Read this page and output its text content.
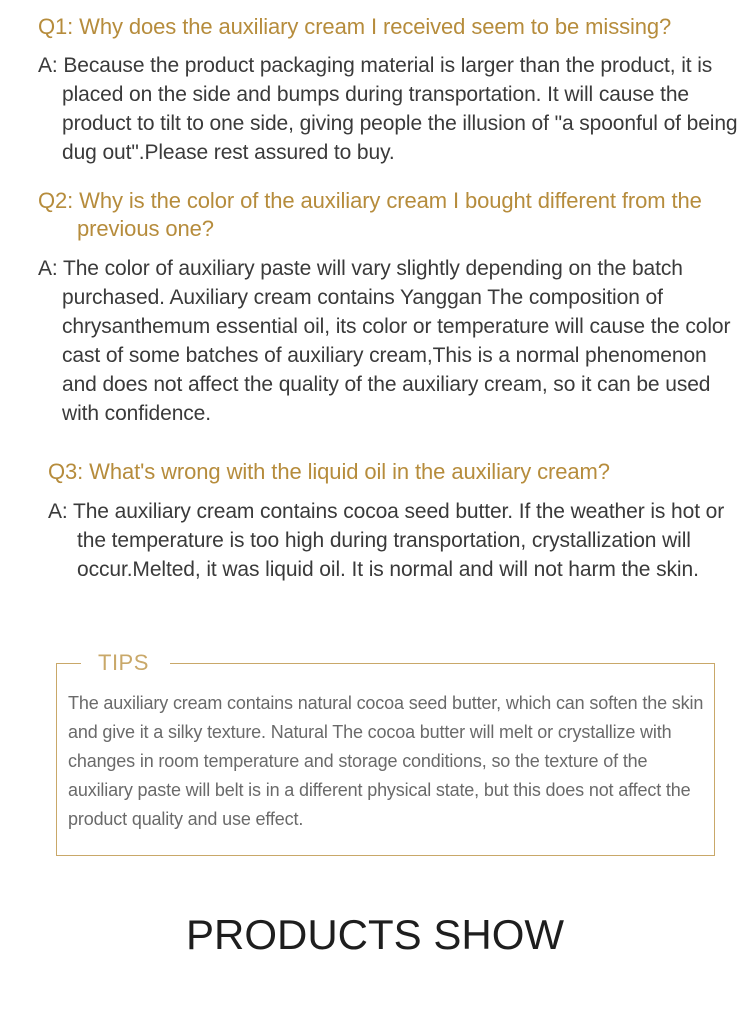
Q1: Why does the auxiliary cream I received seem to be missing?
A: Because the product packaging material is larger than the product, it is placed on the side and bumps during transportation. It will cause the product to tilt to one side, giving people the illusion of "a spoonful of being dug out".Please rest assured to buy.
Q2: Why is the color of the auxiliary cream I bought different from the previous one?
A: The color of auxiliary paste will vary slightly depending on the batch purchased. Auxiliary cream contains Yanggan The composition of chrysanthemum essential oil, its color or temperature will cause the color cast of some batches of auxiliary cream,This is a normal phenomenon and does not affect the quality of the auxiliary cream, so it can be used with confidence.
Q3: What's wrong with the liquid oil in the auxiliary cream?
A: The auxiliary cream contains cocoa seed butter. If the weather is hot or the temperature is too high during transportation, crystallization will occur.Melted, it was liquid oil. It is normal and will not harm the skin.
TIPS
The auxiliary cream contains natural cocoa seed butter, which can soften the skin and give it a silky texture. Natural The cocoa butter will melt or crystallize with changes in room temperature and storage conditions, so the texture of the auxiliary paste will belt is in a different physical state, but this does not affect the product quality and use effect.
PRODUCTS SHOW
